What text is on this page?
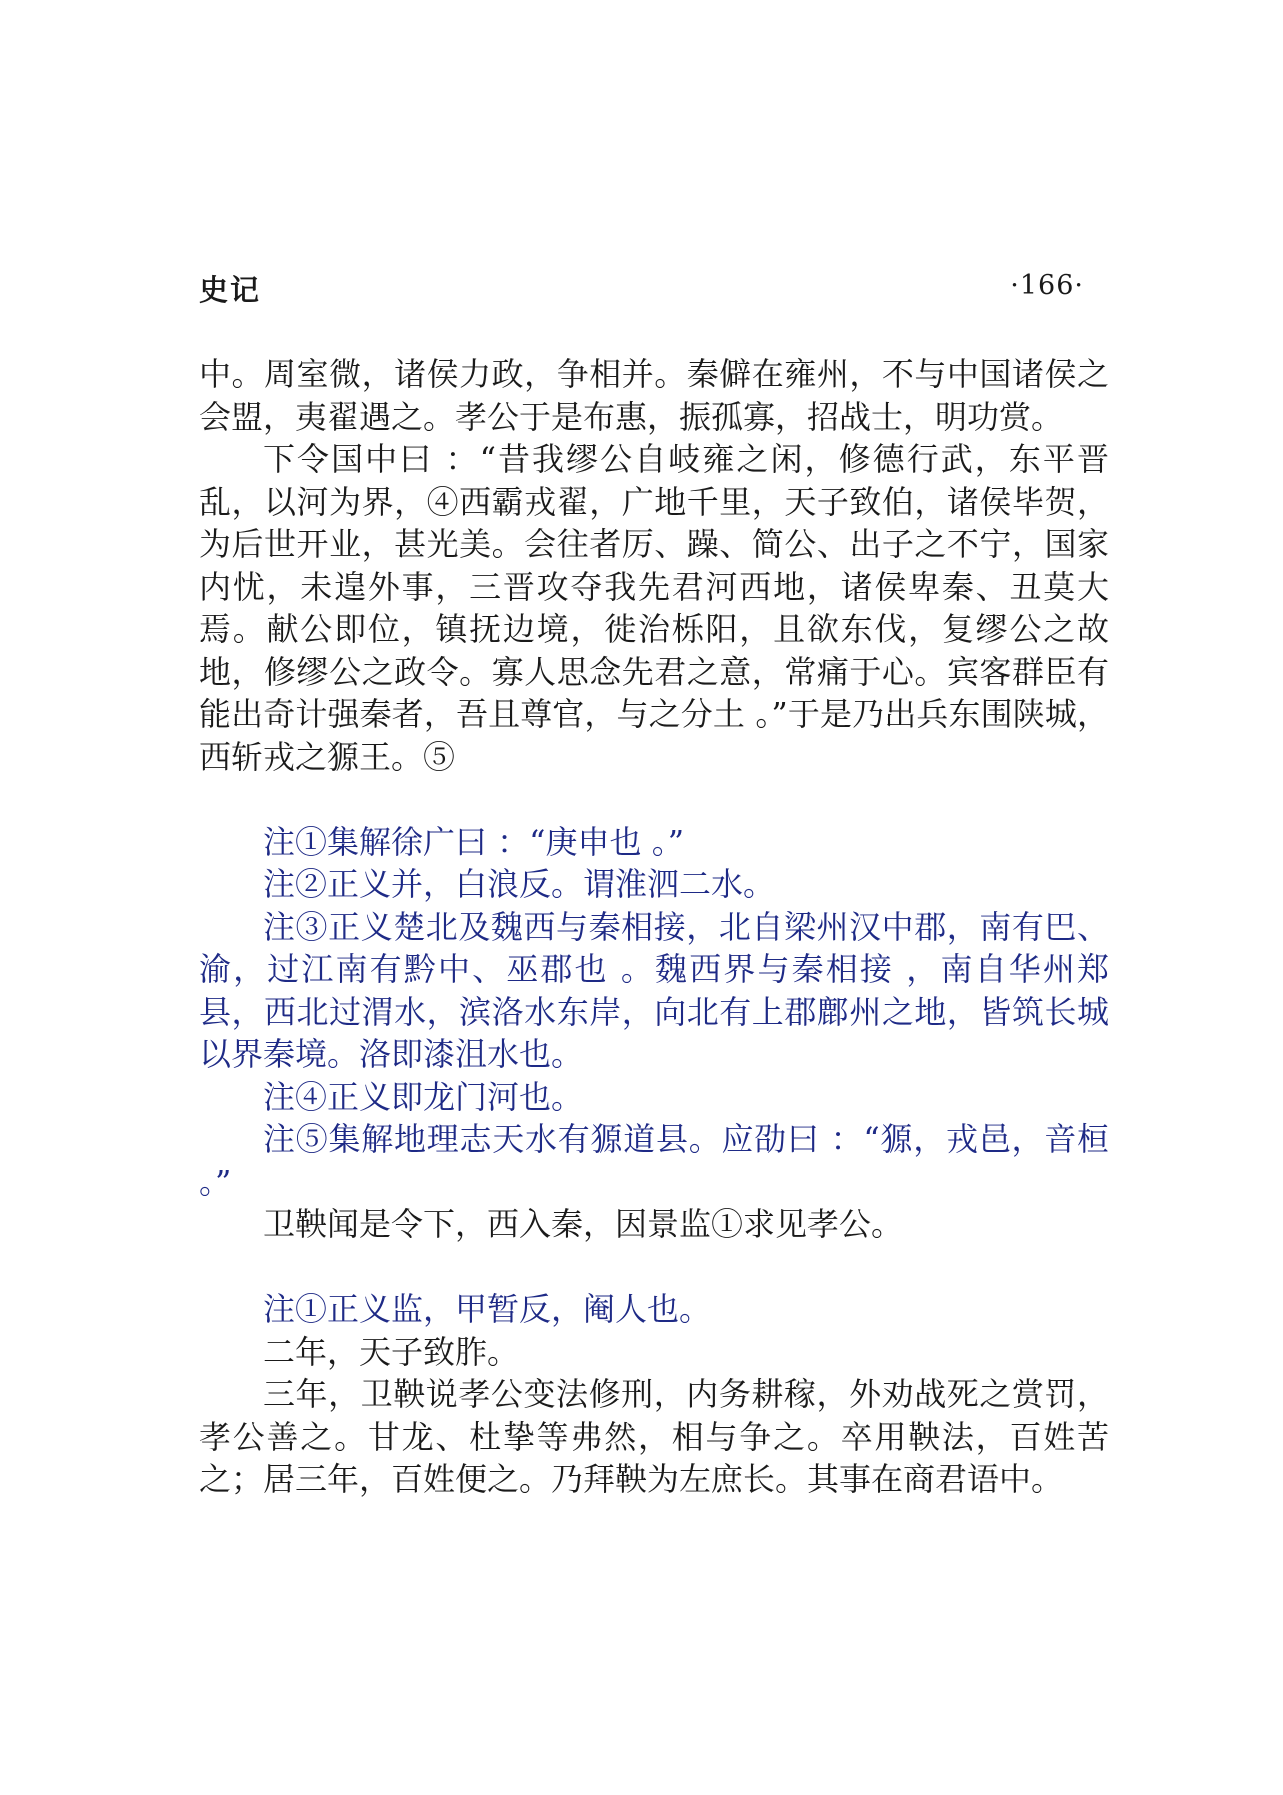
史记	·166·

中。周室微，诸侯力政，争相并。秦僻在雍州，不与中国诸侯之会盟，夷翟遇之。孝公于是布惠，振孤寡，招战士，明功赏。

下令国中曰 ：“昔我缪公自岐雍之闲，修德行武，东平晋乱，以河为界，④西霸戎翟，广地千里，天子致伯，诸侯毕贺，为后世开业，甚光美。会往者厉、躁、简公、出子之不宁，国家内忧，未遑外事，三晋攻夺我先君河西地，诸侯卑秦、丑莫大焉。献公即位，镇抚边境，徙治栎阳，且欲东伐，复缪公之故地，修缪公之政令。寡人思念先君之意，常痛于心。宾客群臣有能出奇计强秦者，吾且尊官，与之分土 。”于是乃出兵东围陕城，西斩戎之獂王。⑤

注①集解徐广曰 ：“庚申也 。”

注②正义并，白浪反。谓淮泗二水。

注③正义楚北及魏西与秦相接，北自梁州汉中郡，南有巴、渝，过江南有黔中、巫郡也 。魏西界与秦相接 ，南自华州郑县，西北过渭水，滨洛水东岸，向北有上郡鄜州之地，皆筑长城以界秦境。洛即漆沮水也。

注④正义即龙门河也。

注⑤集解地理志天水有獂道县。应劭曰 ：“獂，戎邑，音桓 。”

卫鞅闻是令下，西入秦，因景监①求见孝公。

注①正义监，甲暂反，阉人也。

二年，天子致胙。

三年，卫鞅说孝公变法修刑，内务耕稼，外劝战死之赏罚，孝公善之。甘龙、杜挚等弗然，相与争之。卒用鞅法，百姓苦之；居三年，百姓便之。乃拜鞅为左庶长。其事在商君语中。
